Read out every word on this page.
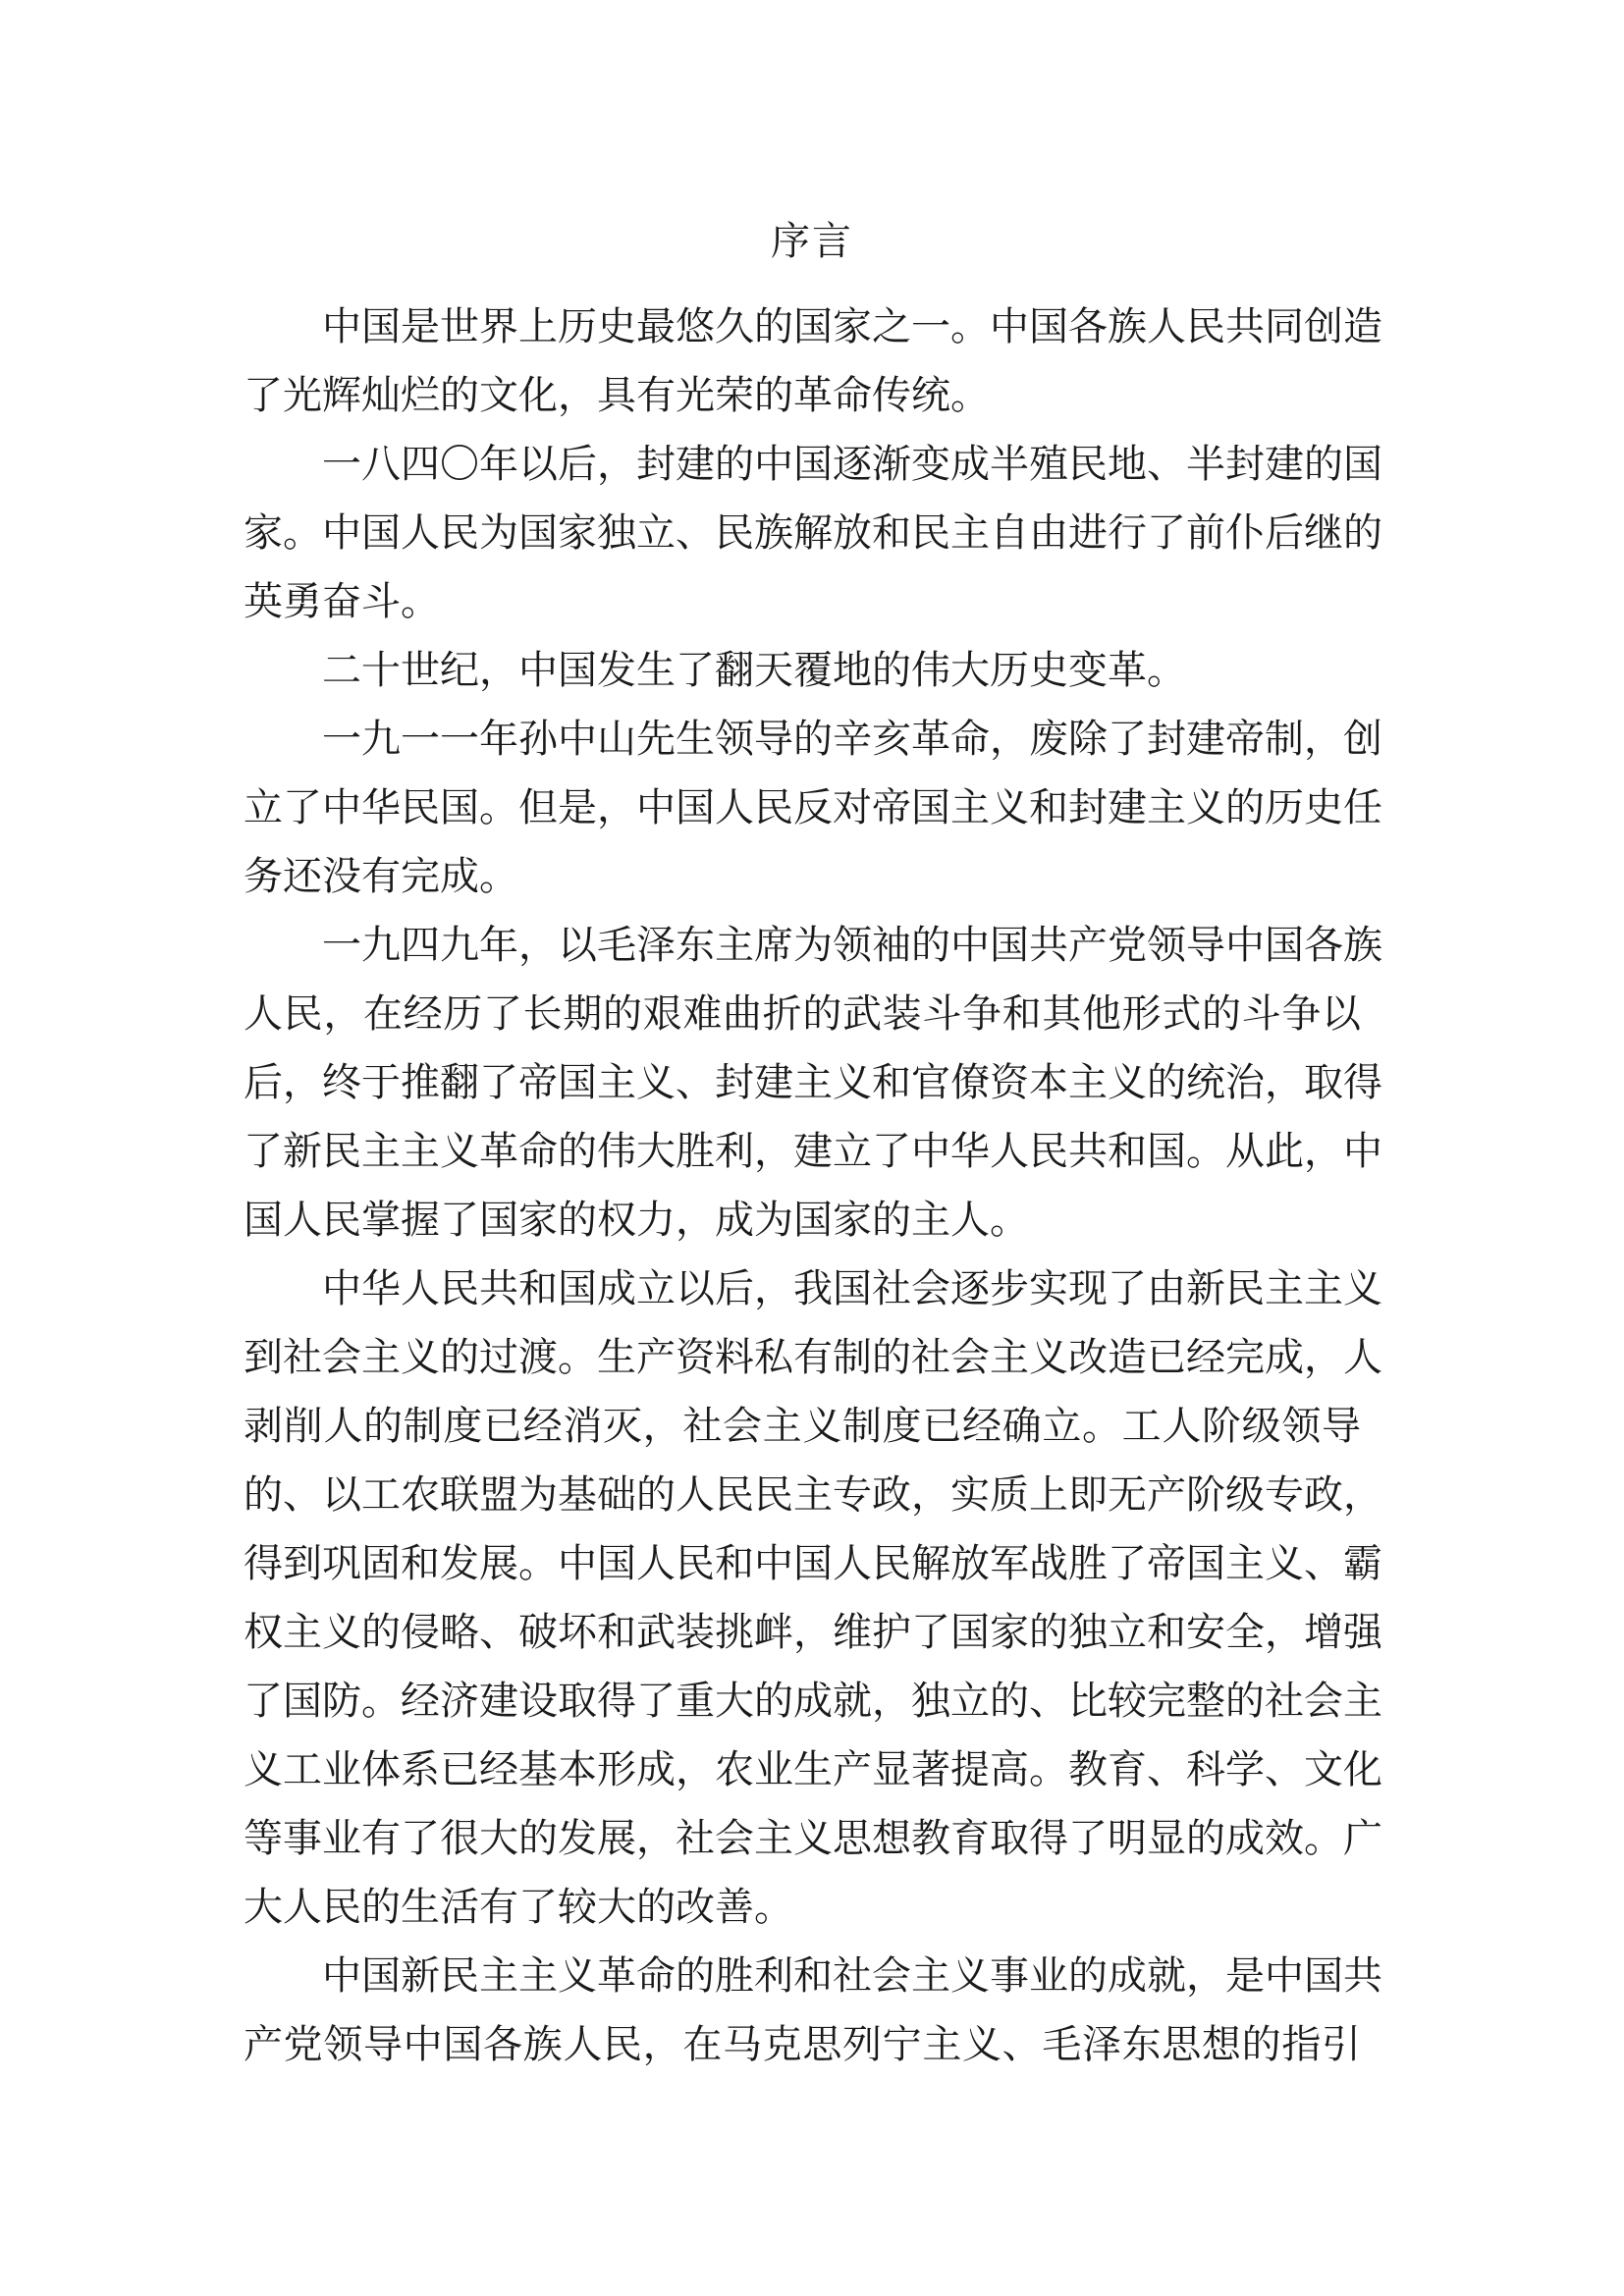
序言
中国是世界上历史最悠久的国家之一。中国各族人民共同创造
了光辉灿烂的文化，具有光荣的革命传统。
一八四〇年以后，封建的中国逐渐变成半殖民地、半封建的国
家。中国人民为国家独立、民族解放和民主自由进行了前仆后继的
英勇奋斗。
二十世纪，中国发生了翻天覆地的伟大历史变革。
一九一一年孙中山先生领导的辛亥革命，废除了封建帝制，创
立了中华民国。但是，中国人民反对帝国主义和封建主义的历史任
务还没有完成。
一九四九年，以毛泽东主席为领袖的中国共产党领导中国各族
人民，在经历了长期的艰难曲折的武装斗争和其他形式的斗争以
后，终于推翻了帝国主义、封建主义和官僚资本主义的统治，取得
了新民主主义革命的伟大胜利，建立了中华人民共和国。从此，中
国人民掌握了国家的权力，成为国家的主人。
中华人民共和国成立以后，我国社会逐步实现了由新民主主义
到社会主义的过渡。生产资料私有制的社会主义改造已经完成，人
剥削人的制度已经消灭，社会主义制度已经确立。工人阶级领导
的、以工农联盟为基础的人民民主专政，实质上即无产阶级专政，
得到巩固和发展。中国人民和中国人民解放军战胜了帝国主义、霸
权主义的侵略、破坏和武装挑衅，维护了国家的独立和安全，增强
了国防。经济建设取得了重大的成就，独立的、比较完整的社会主
义工业体系已经基本形成，农业生产显著提高。教育、科学、文化
等事业有了很大的发展，社会主义思想教育取得了明显的成效。广
大人民的生活有了较大的改善。
中国新民主主义革命的胜利和社会主义事业的成就，是中国共
产党领导中国各族人民，在马克思列宁主义、毛泽东思想的指引
